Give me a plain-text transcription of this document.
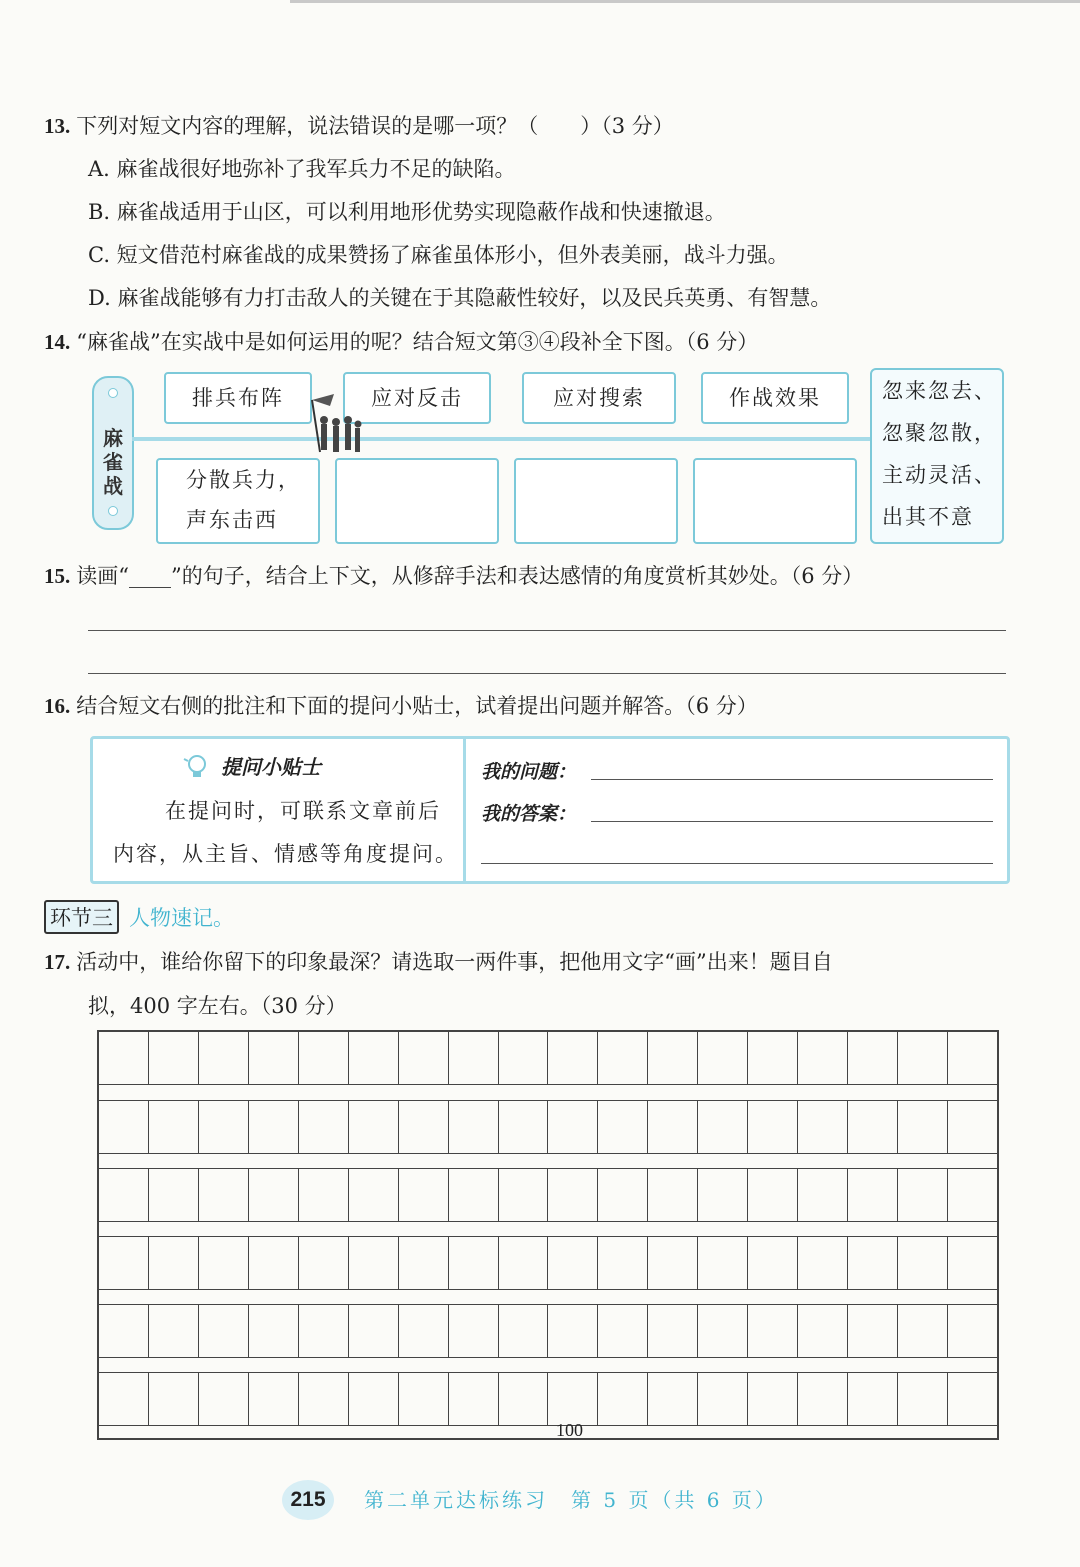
13. 下列对短文内容的理解，说法错误的是哪一项？（　　）（3 分）
A. 麻雀战很好地弥补了我军兵力不足的缺陷。
B. 麻雀战适用于山区，可以利用地形优势实现隐蔽作战和快速撤退。
C. 短文借范村麻雀战的成果赞扬了麻雀虽体形小，但外表美丽，战斗力强。
D. 麻雀战能够有力打击敌人的关键在于其隐蔽性较好，以及民兵英勇、有智慧。
14. “麻雀战”在实战中是如何运用的呢？结合短文第③④段补全下图。（6 分）
麻雀战
排兵布阵	应对反击	应对搜索	作战效果

分散兵力，

声东击西

忽来忽去、

忽聚忽散，

主动灵活、

出其不意

15. 读画“____”的句子，结合上下文，从修辞手法和表达感情的角度赏析其妙处。（6 分）
16. 结合短文右侧的批注和下面的提问小贴士，试着提出问题并解答。（6 分）
提问小贴士
在提问时，可联系文章前后
内容，从主旨、情感等角度提问。
我的问题：
我的答案：
环节三 人物速记。
17. 活动中，谁给你留下的印象最深？请选取一两件事，把他用文字“画”出来！题目自
拟，400 字左右。（30 分）
100
215	第二单元达标练习　第 5 页（共 6 页）
